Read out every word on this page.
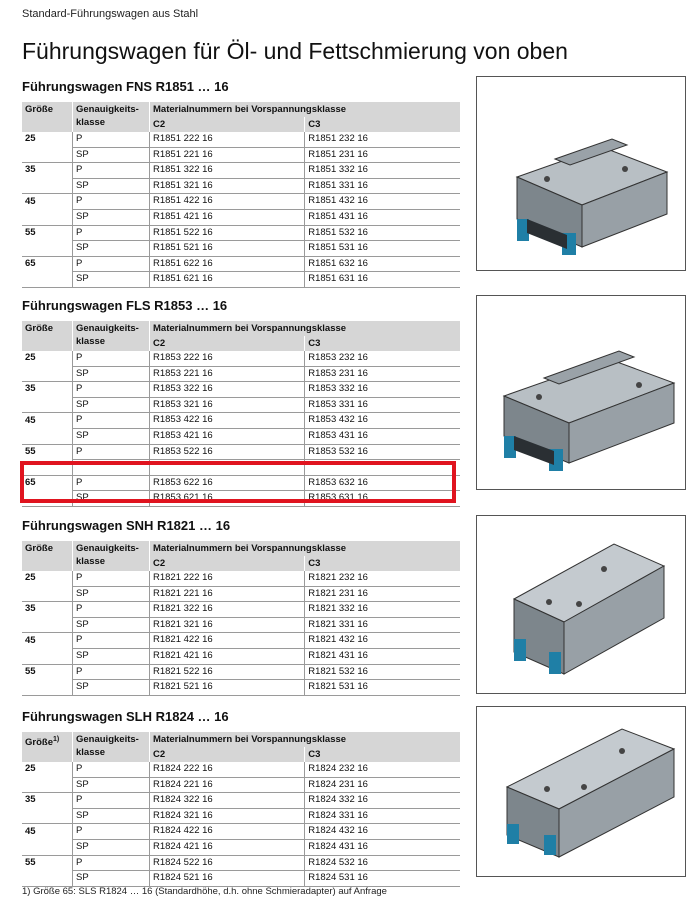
Standard-Führungswagen aus Stahl
Führungswagen für Öl- und Fettschmierung von oben
Führungswagen FNS R1851 … 16
Größe	Genauigkeits-klasse	Materialnummern bei Vorspannungsklasse	
		C2	C3
25	P	R1851 222 16	R1851 232 16
	SP	R1851 221 16	R1851 231 16
35	P	R1851 322 16	R1851 332 16
	SP	R1851 321 16	R1851 331 16
45	P	R1851 422 16	R1851 432 16
	SP	R1851 421 16	R1851 431 16
55	P	R1851 522 16	R1851 532 16
	SP	R1851 521 16	R1851 531 16
65	P	R1851 622 16	R1851 632 16
	SP	R1851 621 16	R1851 631 16
Führungswagen FLS R1853 … 16
Größe	Genauigkeits-klasse	Materialnummern bei Vorspannungsklasse	
		C2	C3
25	P	R1853 222 16	R1853 232 16
	SP	R1853 221 16	R1853 231 16
35	P	R1853 322 16	R1853 332 16
	SP	R1853 321 16	R1853 331 16
45	P	R1853 422 16	R1853 432 16
	SP	R1853 421 16	R1853 431 16
55	P	R1853 522 16	R1853 532 16

65	P	R1853 622 16	R1853 632 16
	SP	R1853 621 16	R1853 631 16
Führungswagen SNH R1821 … 16
Größe	Genauigkeits-klasse	Materialnummern bei Vorspannungsklasse	
		C2	C3
25	P	R1821 222 16	R1821 232 16
	SP	R1821 221 16	R1821 231 16
35	P	R1821 322 16	R1821 332 16
	SP	R1821 321 16	R1821 331 16
45	P	R1821 422 16	R1821 432 16
	SP	R1821 421 16	R1821 431 16
55	P	R1821 522 16	R1821 532 16
	SP	R1821 521 16	R1821 531 16
Führungswagen SLH R1824 … 16
Größe$^{1)}$	Genauigkeits-klasse	Materialnummern bei Vorspannungsklasse	
		C2	C3
25	P	R1824 222 16	R1824 232 16
	SP	R1824 221 16	R1824 231 16
35	P	R1824 322 16	R1824 332 16
	SP	R1824 321 16	R1824 331 16
45	P	R1824 422 16	R1824 432 16
	SP	R1824 421 16	R1824 431 16
55	P	R1824 522 16	R1824 532 16
	SP	R1824 521 16	R1824 531 16
1) Größe 65: SLS R1824 … 16 (Standardhöhe, d.h. ohne Schmieradapter) auf Anfrage
